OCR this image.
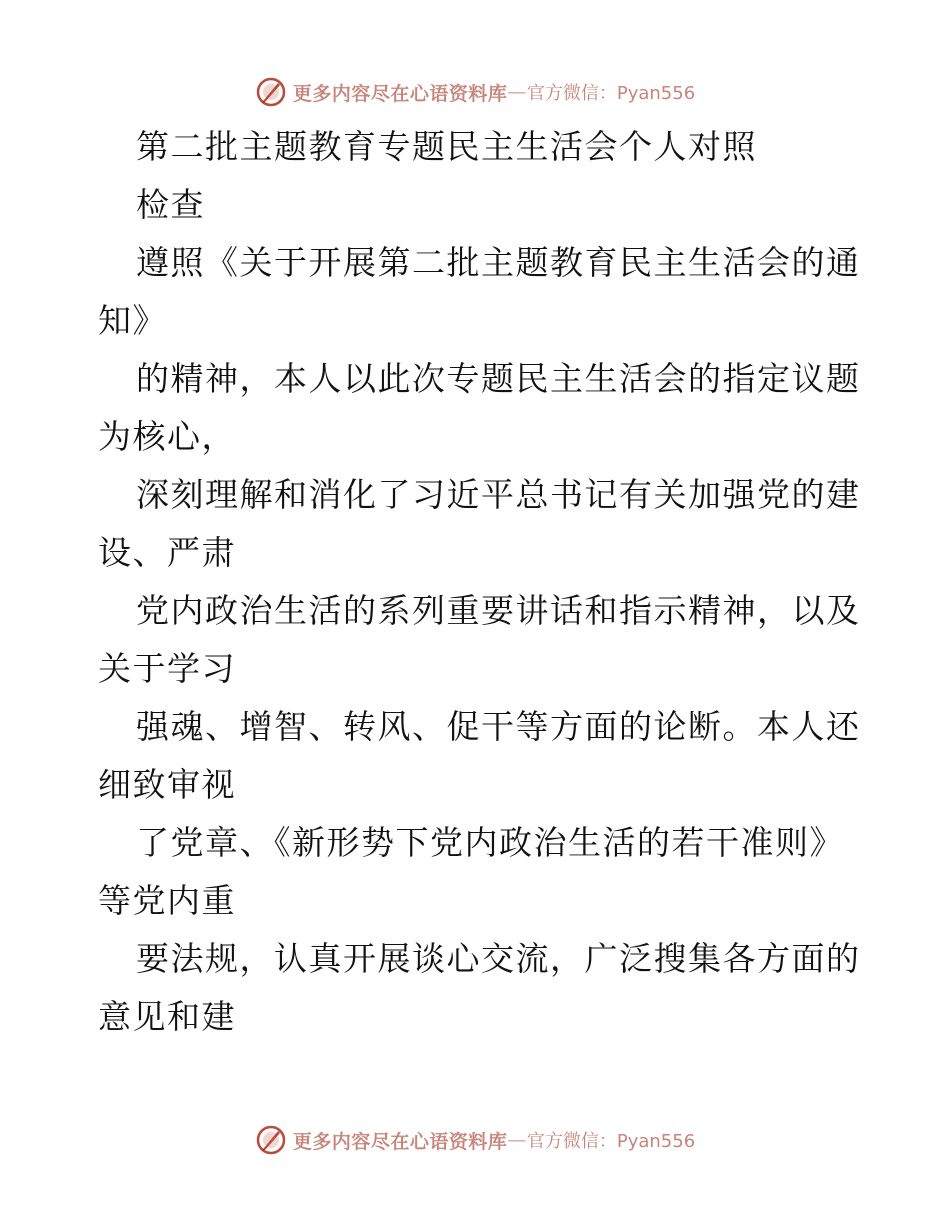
更多内容尽在心语资料库 — 官方微信：Pyan556
第二批主题教育专题民主生活会个人对照
检查
遵照《关于开展第二批主题教育民主生活会的通
知》
的精神，本人以此次专题民主生活会的指定议题
为核心，
深刻理解和消化了习近平总书记有关加强党的建
设、严肃
党内政治生活的系列重要讲话和指示精神，以及
关于学习
强魂、增智、转风、促干等方面的论断。本人还
细致审视
了党章、《新形势下党内政治生活的若干准则》
等党内重
要法规，认真开展谈心交流，广泛搜集各方面的
意见和建
更多内容尽在心语资料库 — 官方微信：Pyan556
